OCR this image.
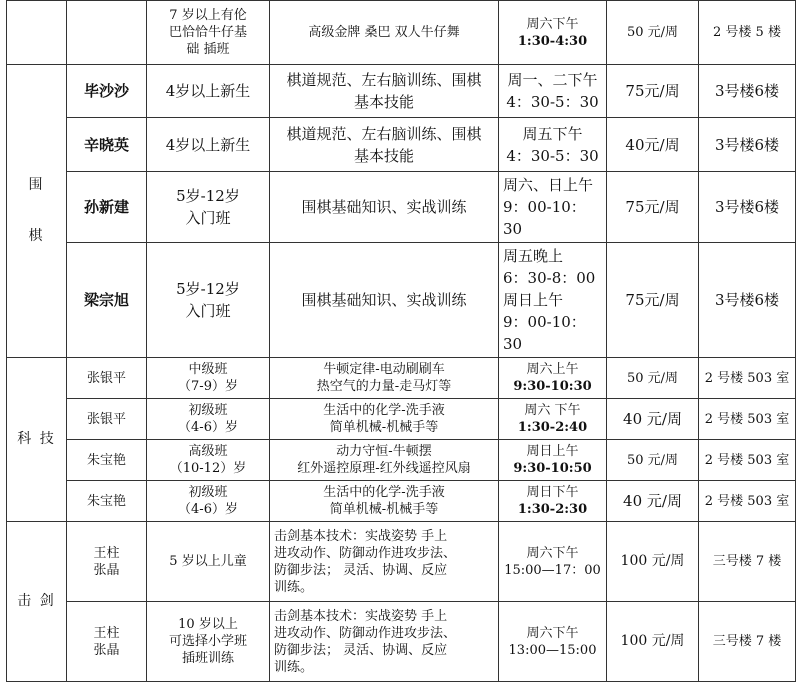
		7 岁以上有伦
巴恰恰牛仔基
础 插班	高级金牌 桑巴 双人牛仔舞	周六下午
1:30-4:30	50 元/周	2 号楼 5 楼
围

棋	毕沙沙	4岁以上新生	棋道规范、左右脑训练、围棋
基本技能	周一、二下午
4：30-5：30	75元/周	3号楼6楼

	辛晓英	4岁以上新生	棋道规范、左右脑训练、围棋
基本技能	周五下午
4：30-5：30	40元/周	3号楼6楼

	孙新建	5岁-12岁
入门班	围棋基础知识、实战训练	周六、日上午
9：00-10：30	75元/周	3号楼6楼

	梁宗旭	5岁-12岁
入门班	围棋基础知识、实战训练	周五晚上
6：30-8：00
周日上午
9：00-10：30	75元/周	3号楼6楼
科 技	张银平	中级班
（7-9）岁	牛顿定律-电动刷刷车
热空气的力量-走马灯等	周六上午
9:30-10:30	50 元/周	2 号楼 503 室

	张银平	初级班
（4-6）岁	生活中的化学-洗手液
简单机械-机械手等	周六 下午
1:30-2:40	40 元/周	2 号楼 503 室

	朱宝艳	高级班
（10-12）岁	动力守恒-牛顿摆
红外遥控原理-红外线遥控风扇	周日上午
9:30-10:50	50 元/周	2 号楼 503 室

	朱宝艳	初级班
（4-6）岁	生活中的化学-洗手液
简单机械-机械手等	周日下午
1:30-2:30	40 元/周	2 号楼 503 室
击 剑	王柱
张晶	5 岁以上儿童	击剑基本技术：实战姿势 手上
进攻动作、防御动作进攻步法、
防御步法； 灵活、协调、反应
训练。	周六下午
15:00—17：00	100 元/周	三号楼 7 楼

	王柱
张晶	10 岁以上
可选择小学班
插班训练	击剑基本技术：实战姿势 手上
进攻动作、防御动作进攻步法、
防御步法； 灵活、协调、反应
训练。	周六下午
13:00—15:00	100 元/周	三号楼 7 楼
